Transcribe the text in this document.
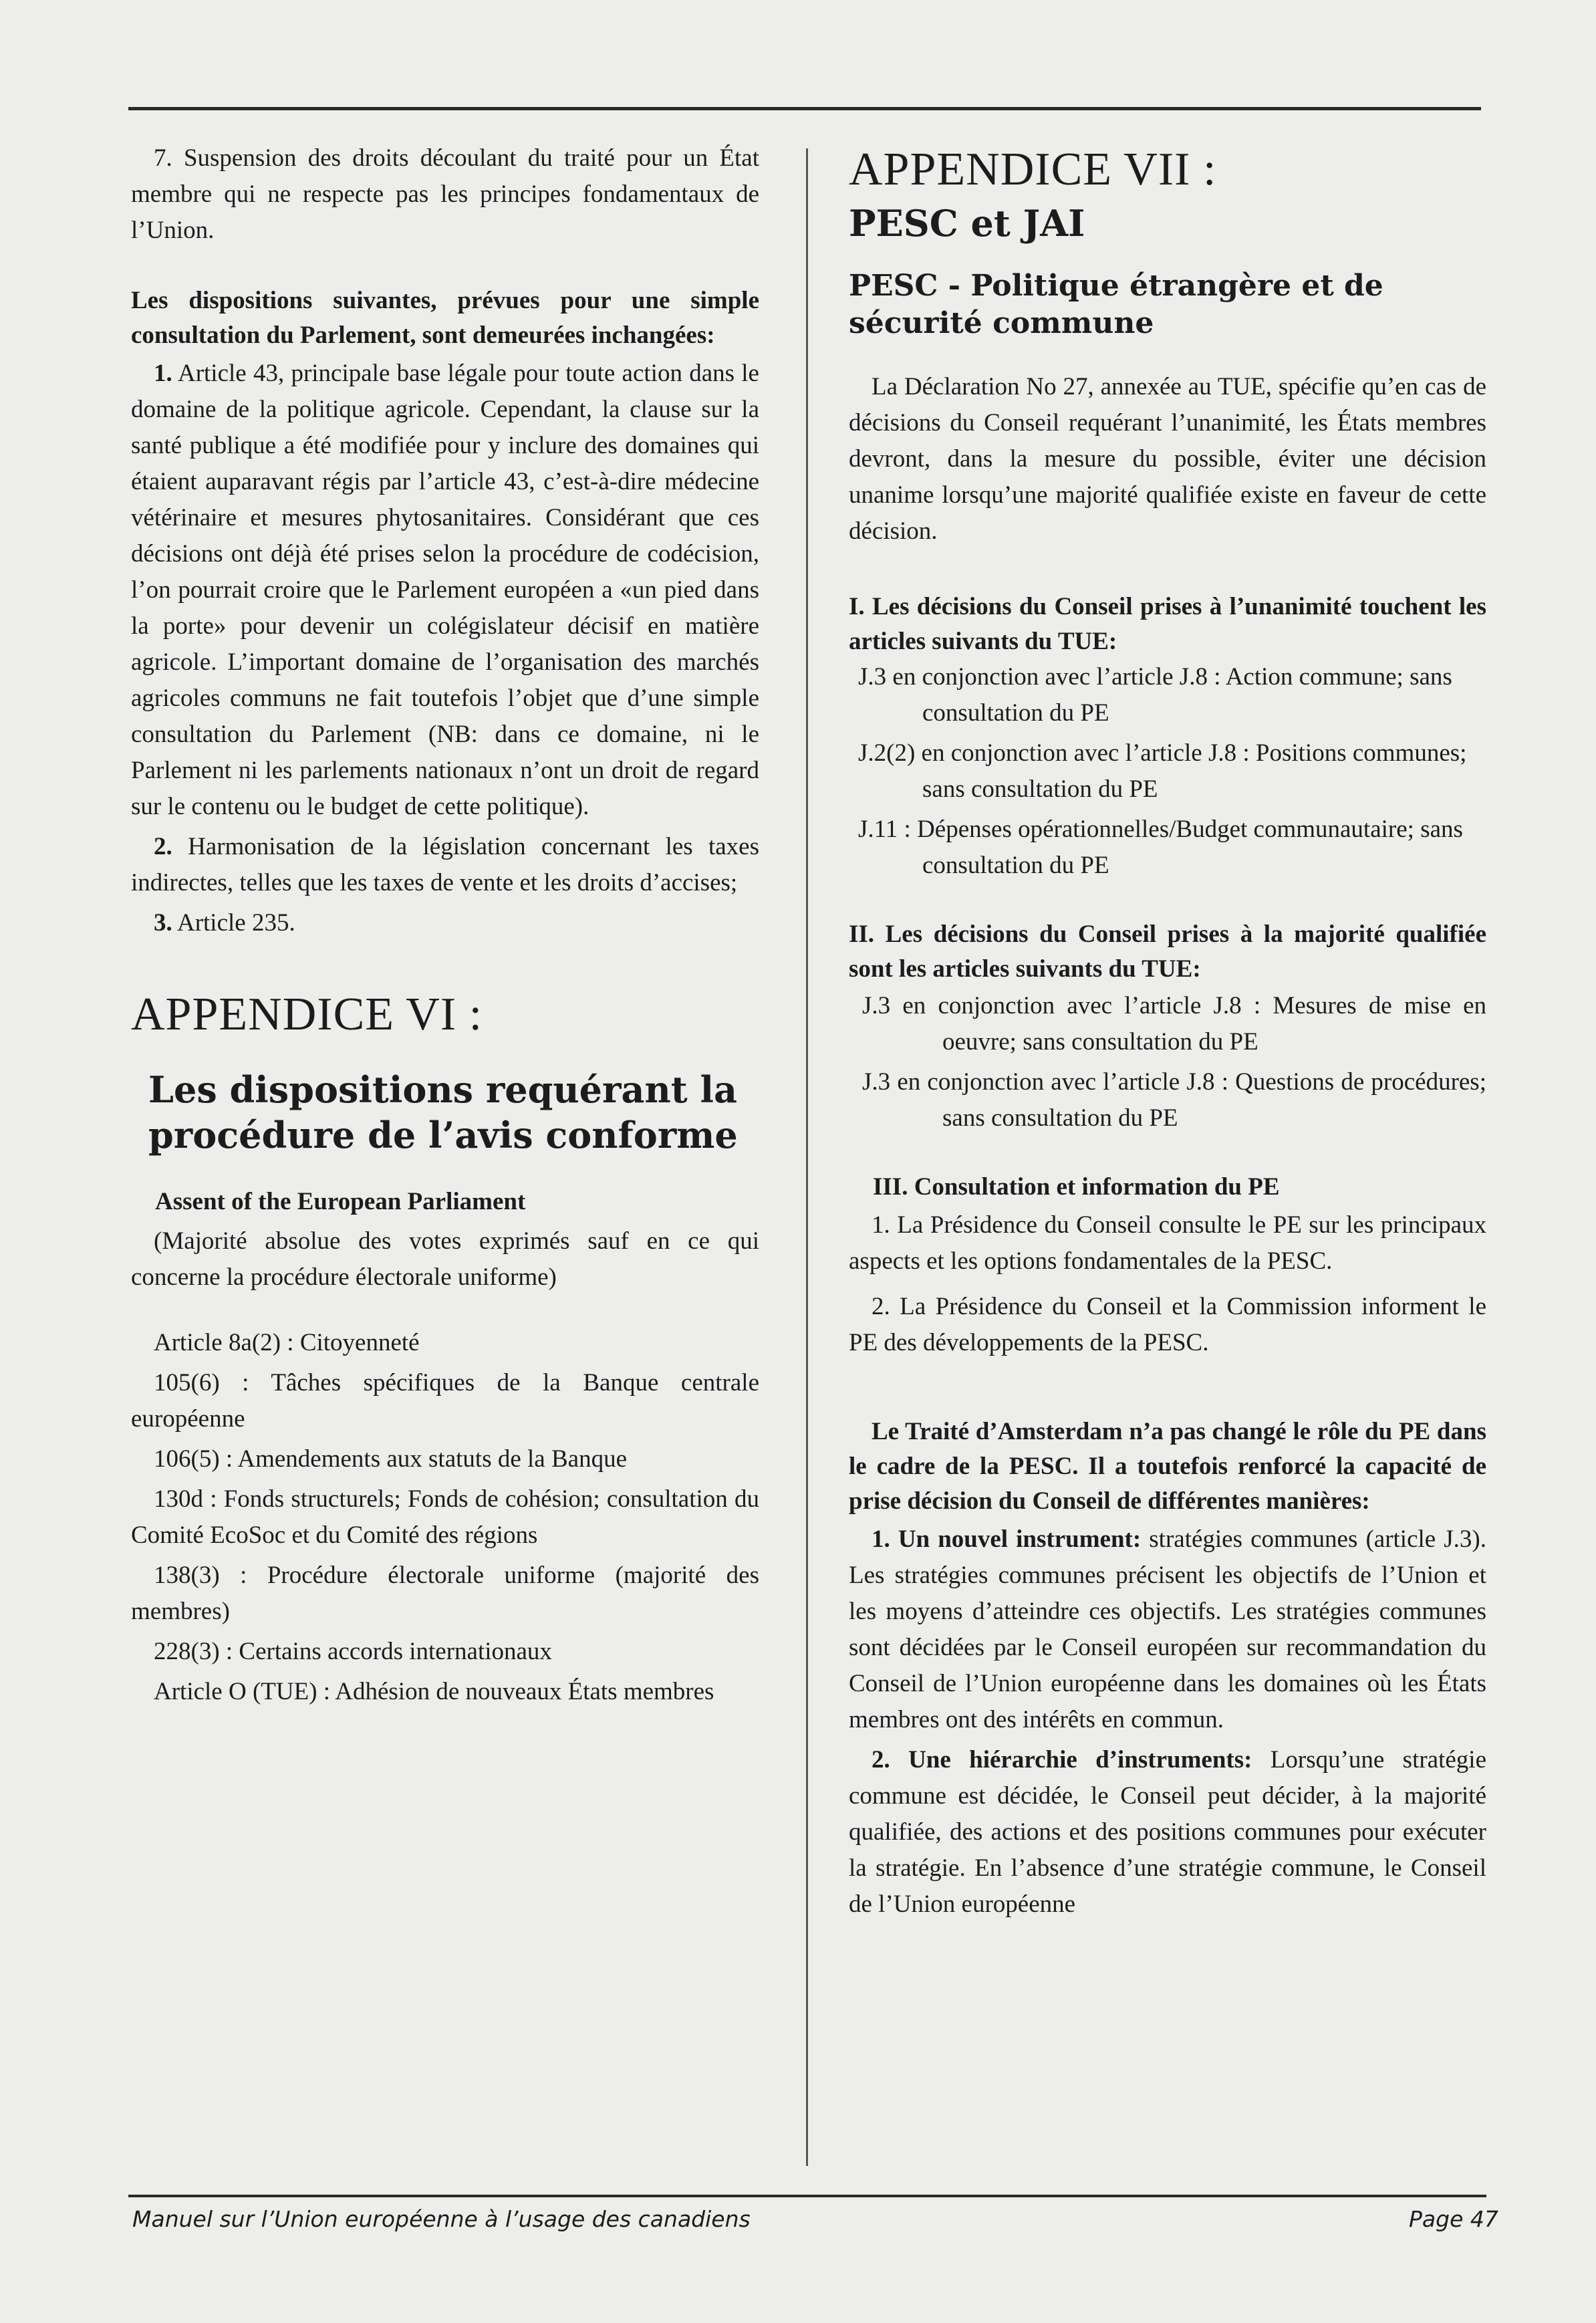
7. Suspension des droits découlant du traité pour un État membre qui ne respecte pas les principes fondamentaux de l’Union.

Les dispositions suivantes, prévues pour une simple consultation du Parlement, sont demeurées inchangées:

1. Article 43, principale base légale pour toute action dans le domaine de la politique agricole. Cependant, la clause sur la santé publique a été modifiée pour y inclure des domaines qui étaient auparavant régis par l’article 43, c’est-à-dire médecine vétérinaire et mesures phytosanitaires. Considérant que ces décisions ont déjà été prises selon la procédure de codécision, l’on pourrait croire que le Parlement européen a «un pied dans la porte» pour devenir un colégislateur décisif en matière agricole. L’important domaine de l’organisation des marchés agricoles communs ne fait toutefois l’objet que d’une simple consultation du Parlement (NB: dans ce domaine, ni le Parlement ni les parlements nationaux n’ont un droit de regard sur le contenu ou le budget de cette politique).

2. Harmonisation de la législation concernant les taxes indirectes, telles que les taxes de vente et les droits d’accises;

3. Article 235.

APPENDICE VI :
Les dispositions requérant la procédure de l’avis conforme

Assent of the European Parliament

(Majorité absolue des votes exprimés sauf en ce qui concerne la procédure électorale uniforme)

Article 8a(2) : Citoyenneté

105(6) : Tâches spécifiques de la Banque centrale européenne

106(5) : Amendements aux statuts de la Banque

130d : Fonds structurels; Fonds de cohésion; consultation du Comité EcoSoc et du Comité des régions

138(3) : Procédure électorale uniforme (majorité des membres)

228(3) : Certains accords internationaux

Article O (TUE) : Adhésion de nouveaux États membres

APPENDICE VII :
PESC et JAI
PESC - Politique étrangère et de sécurité commune

La Déclaration No 27, annexée au TUE, spécifie qu’en cas de décisions du Conseil requérant l’unanimité, les États membres devront, dans la mesure du possible, éviter une décision unanime lorsqu’une majorité qualifiée existe en faveur de cette décision.

I. Les décisions du Conseil prises à l’unanimité touchent les articles suivants du TUE:

J.3 en conjonction avec l’article J.8 : Action commune; sans consultation du PE

J.2(2) en conjonction avec l’article J.8 : Positions communes; sans consultation du PE

J.11 : Dépenses opérationnelles/Budget communautaire; sans consultation du PE

II. Les décisions du Conseil prises à la majorité qualifiée sont les articles suivants du TUE:

J.3 en conjonction avec l’article J.8 : Mesures de mise en oeuvre; sans consultation du PE

J.3 en conjonction avec l’article J.8 : Questions de procédures; sans consultation du PE

III. Consultation et information du PE

1. La Présidence du Conseil consulte le PE sur les principaux aspects et les options fondamentales de la PESC.

2. La Présidence du Conseil et la Commission informent le PE des développements de la PESC.

Le Traité d’Amsterdam n’a pas changé le rôle du PE dans le cadre de la PESC. Il a toutefois renforcé la capacité de prise décision du Conseil de différentes manières:

1. Un nouvel instrument: stratégies communes (article J.3). Les stratégies communes précisent les objectifs de l’Union et les moyens d’atteindre ces objectifs. Les stratégies communes sont décidées par le Conseil européen sur recommandation du Conseil de l’Union européenne dans les domaines où les États membres ont des intérêts en commun.

2. Une hiérarchie d’instruments: Lorsqu’une stratégie commune est décidée, le Conseil peut décider, à la majorité qualifiée, des actions et des positions communes pour exécuter la stratégie. En l’absence d’une stratégie commune, le Conseil de l’Union européenne

Manuel sur l’Union européenne à l’usage des canadiens	Page 47
